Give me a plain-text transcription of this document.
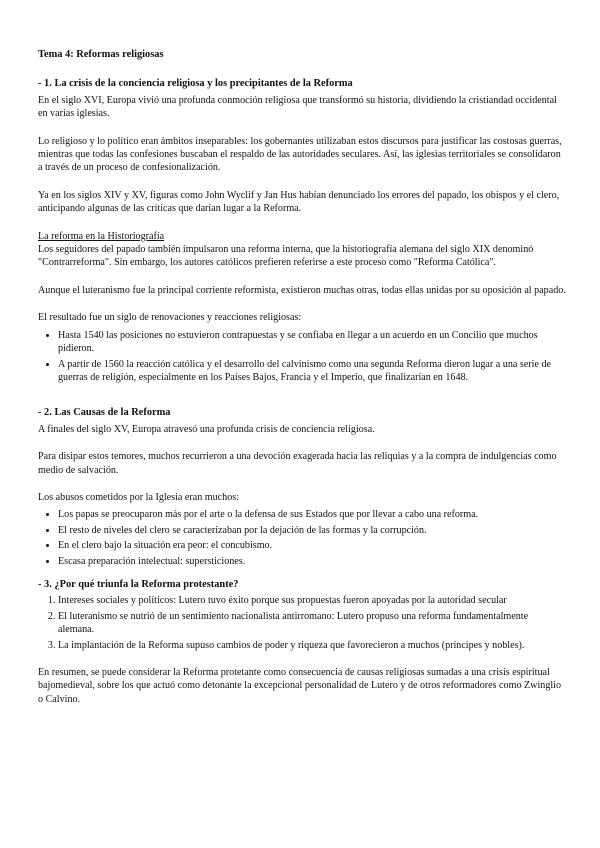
Tema 4: Reformas religiosas

- 1. La crisis de la conciencia religiosa y los precipitantes de la Reforma

En el siglo XVI, Europa vivió una profunda conmoción religiosa que transformó su historia, dividiendo la cristiandad occidental en varias iglesias.

Lo religioso y lo político eran ámbitos inseparables: los gobernantes utilizaban estos discursos para justificar las costosas guerras, mientras que todas las confesiones buscaban el respaldo de las autoridades seculares. Así, las iglesias territoriales se consolidaron a través de un proceso de confesionalización.

Ya en los siglos XIV y XV, figuras como John Wyclif y Jan Hus habían denunciado los errores del papado, los obispos y el clero, anticipando algunas de las críticas que darían lugar a la Reforma.

La reforma en la Historiografía

Los seguidores del papado también impulsaron una reforma interna, que la historiografía alemana del siglo XIX denominó "Contrarreforma". Sin embargo, los autores católicos prefieren referirse a este proceso como "Reforma Católica".

Aunque el luteranismo fue la principal corriente reformista, existieron muchas otras, todas ellas unidas por su oposición al papado.

El resultado fue un siglo de renovaciones y reacciones religiosas:

• Hasta 1540 las posiciones no estuvieron contrapuestas y se confiaba en llegar a un acuerdo en un Concilio que muchos pidieron.
• A partir de 1560 la reacción católica y el desarrollo del calvinismo como una segunda Reforma dieron lugar a una serie de guerras de religión, especialmente en los Países Bajos, Francia y el Imperio, que finalizarían en 1648.

- 2. Las Causas de la Reforma

A finales del siglo XV, Europa atravesó una profunda crisis de conciencia religiosa.

Para disipar estos temores, muchos recurrieron a una devoción exagerada hacia las reliquias y a la compra de indulgencias como medio de salvación.

Los abusos cometidos por la Iglesia eran muchos:

• Los papas se preocuparon más por el arte o la defensa de sus Estados que por llevar a cabo una reforma.
• El resto de niveles del clero se caracterizaban por la dejación de las formas y la corrupción.
• En el clero bajo la situación era peor: el concubismo.
• Escasa preparación intelectual: supersticiones.

- 3. ¿Por qué triunfa la Reforma protestante?

1. Intereses sociales y políticos: Lutero tuvo éxito porque sus propuestas fueron apoyadas por la autoridad secular
2. El luteranismo se nutrió de un sentimiento nacionalista antirromano: Lutero propuso una reforma fundamentalmente alemana.
3. La implantación de la Reforma supuso cambios de poder y riqueza que favorecieron a muchos (príncipes y nobles).

En resumen, se puede considerar la Reforma protetante como consecuencia de causas religiosas sumadas a una crisis espiritual bajomedieval, sobre los que actuó como detonante la excepcional personalidad de Lutero y de otros reformadores como Zwinglio o Calvino.
